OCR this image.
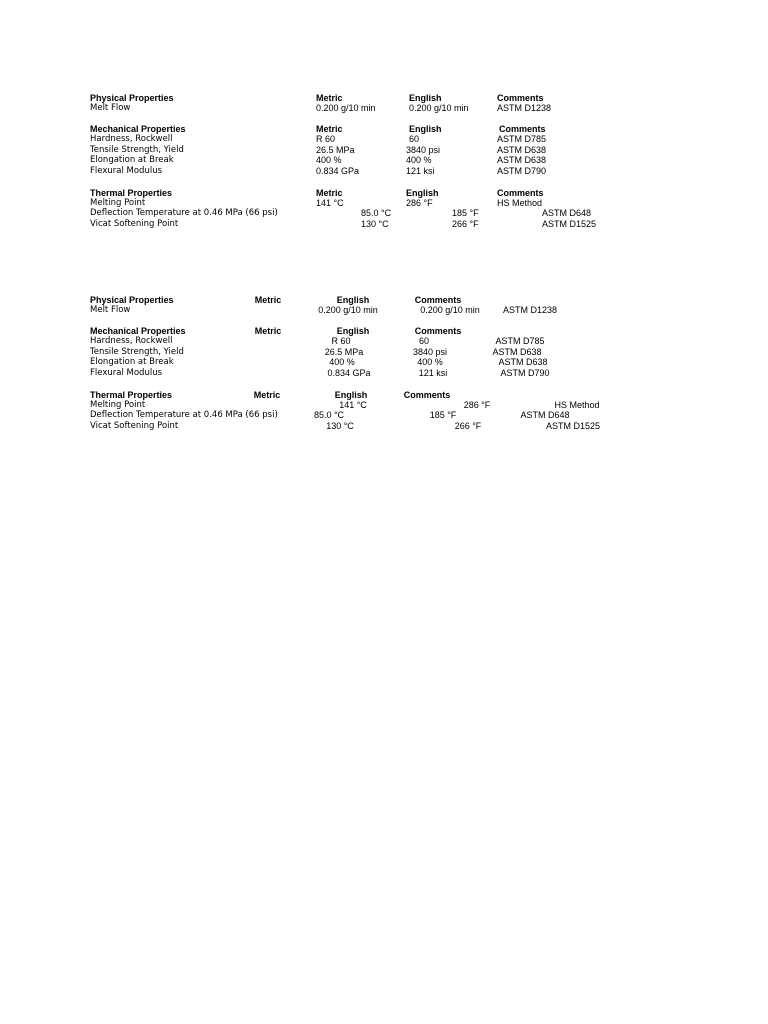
Physical Properties	Metric	English	Comments
Melt Flow	0.200 g/10 min	0.200 g/10 min	ASTM D1238
Mechanical Properties	Metric	English	Comments
Hardness, Rockwell	R 60	60	ASTM D785
Tensile Strength, Yield	26.5 MPa	3840 psi	ASTM D638
Elongation at Break	400 %	400 %	ASTM D638
Flexural Modulus	0.834 GPa	121 ksi	ASTM D790
Thermal Properties	Metric	English	Comments
Melting Point	141 °C	286 °F	HS Method
Deflection Temperature at 0.46 MPa (66 psi)	85.0 °C	185 °F	ASTM D648
Vicat Softening Point	130 °C	266 °F	ASTM D1525
Physical Properties	Metric	English	Comments
Melt Flow	0.200 g/10 min	0.200 g/10 min	ASTM D1238
Mechanical Properties	Metric	English	Comments
Hardness, Rockwell	R 60	60	ASTM D785
Tensile Strength, Yield	26.5 MPa	3840 psi	ASTM D638
Elongation at Break	400 %	400 %	ASTM D638
Flexural Modulus	0.834 GPa	121 ksi	ASTM D790
Thermal Properties	Metric	English	Comments
Melting Point	141 °C	286 °F	HS Method
Deflection Temperature at 0.46 MPa (66 psi)	85.0 °C	185 °F	ASTM D648
Vicat Softening Point	130 °C	266 °F	ASTM D1525
